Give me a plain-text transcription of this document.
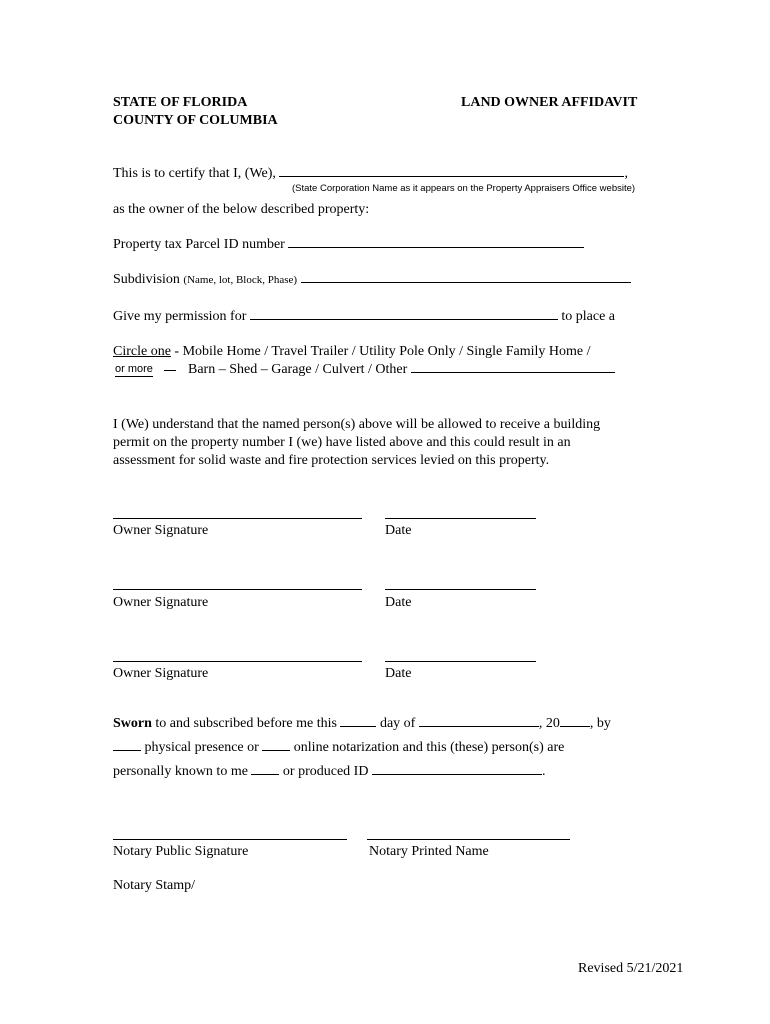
STATE OF FLORIDA
COUNTY OF COLUMBIA
LAND OWNER AFFIDAVIT
This is to certify that I, (We),	,
(State Corporation Name as it appears on the Property Appraisers Office website)
as the owner of the below described property:
Property tax Parcel ID number
Subdivision (Name, lot, Block, Phase)
Give my permission for	to place a
Circle one - Mobile Home / Travel Trailer / Utility Pole Only / Single Family Home /
or more	Barn – Shed – Garage / Culvert / Other
I (We) understand that the named person(s) above will be allowed to receive a building
permit on the property number I (we) have listed above and this could result in an
assessment for solid waste and fire protection services levied on this property.
Owner Signature	Date
Owner Signature	Date
Owner Signature	Date
Sworn to and subscribed before me this	day of	, 20 , by
physical presence or	online notarization and this (these) person(s) are
personally known to me	or produced ID	.
Notary Public Signature	Notary Printed Name
Notary Stamp/
Revised 5/21/2021
